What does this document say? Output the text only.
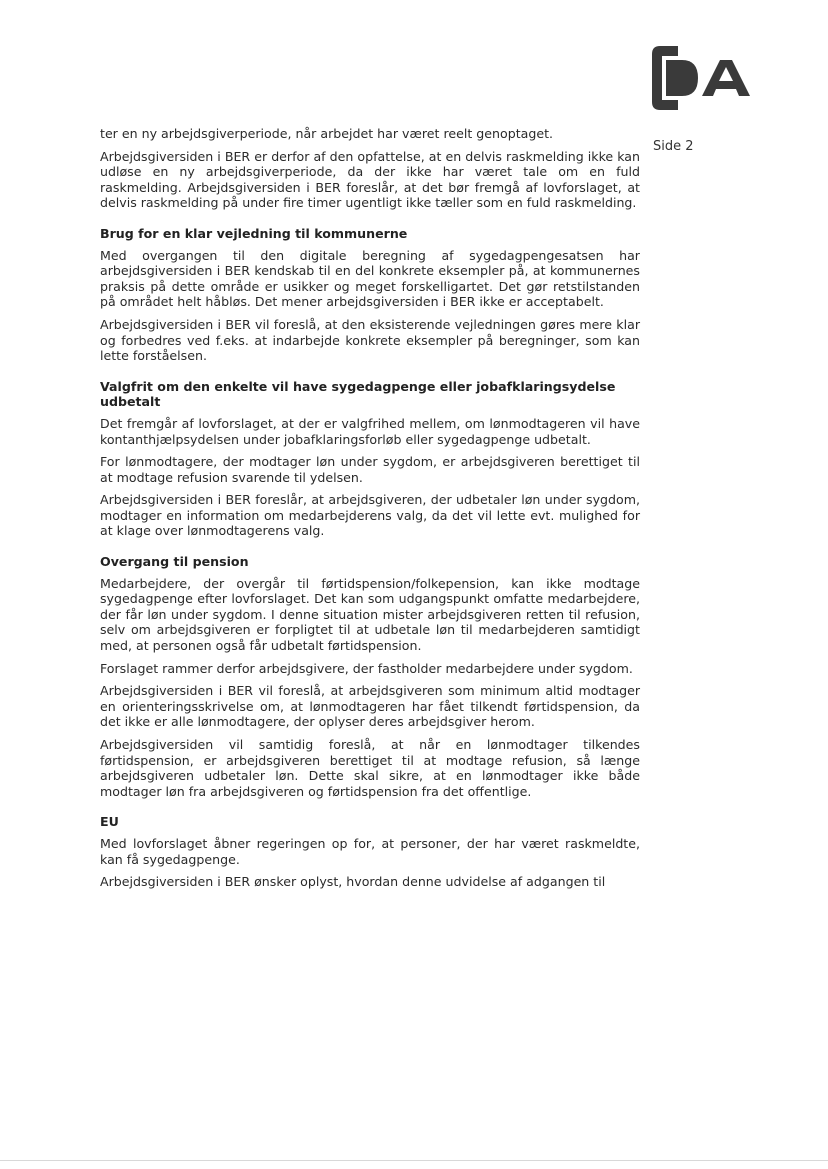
Side 2

ter en ny arbejdsgiverperiode, når arbejdet har været reelt genoptaget.

Arbejdsgiversiden i BER er derfor af den opfattelse, at en delvis raskmelding ikke kan udløse en ny arbejdsgiverperiode, da der ikke har været tale om en fuld raskmelding. Arbejdsgiversiden i BER foreslår, at det bør fremgå af lovforslaget, at delvis raskmelding på under fire timer ugentligt ikke tæller som en fuld raskmelding.

Brug for en klar vejledning til kommunerne

Med overgangen til den digitale beregning af sygedagpengesatsen har arbejdsgiversiden i BER kendskab til en del konkrete eksempler på, at kommunernes praksis på dette område er usikker og meget forskelligartet. Det gør retstilstanden på området helt håbløs. Det mener arbejdsgiversiden i BER ikke er acceptabelt.

Arbejdsgiversiden i BER vil foreslå, at den eksisterende vejledningen gøres mere klar og forbedres ved f.eks. at indarbejde konkrete eksempler på beregninger, som kan lette forståelsen.

Valgfrit om den enkelte vil have sygedagpenge eller jobafklaringsydelse udbetalt

Det fremgår af lovforslaget, at der er valgfrihed mellem, om lønmodtageren vil have kontanthjælpsydelsen under jobafklaringsforløb eller sygedagpenge udbetalt.

For lønmodtagere, der modtager løn under sygdom, er arbejdsgiveren berettiget til at modtage refusion svarende til ydelsen.

Arbejdsgiversiden i BER foreslår, at arbejdsgiveren, der udbetaler løn under sygdom, modtager en information om medarbejderens valg, da det vil lette evt. mulighed for at klage over lønmodtagerens valg.

Overgang til pension

Medarbejdere, der overgår til førtidspension/folkepension, kan ikke modtage sygedagpenge efter lovforslaget. Det kan som udgangspunkt omfatte medarbejdere, der får løn under sygdom. I denne situation mister arbejdsgiveren retten til refusion, selv om arbejdsgiveren er forpligtet til at udbetale løn til medarbejderen samtidigt med, at personen også får udbetalt førtidspension.

Forslaget rammer derfor arbejdsgivere, der fastholder medarbejdere under sygdom.

Arbejdsgiversiden i BER vil foreslå, at arbejdsgiveren som minimum altid modtager en orienteringsskrivelse om, at lønmodtageren har fået tilkendt førtidspension, da det ikke er alle lønmodtagere, der oplyser deres arbejdsgiver herom.

Arbejdsgiversiden vil samtidig foreslå, at når en lønmodtager tilkendes førtidspension, er arbejdsgiveren berettiget til at modtage refusion, så længe arbejdsgiveren udbetaler løn. Dette skal sikre, at en lønmodtager ikke både modtager løn fra arbejdsgiveren og førtidspension fra det offentlige.

EU

Med lovforslaget åbner regeringen op for, at personer, der har været raskmeldte, kan få sygedagpenge.

Arbejdsgiversiden i BER ønsker oplyst, hvordan denne udvidelse af adgangen til
